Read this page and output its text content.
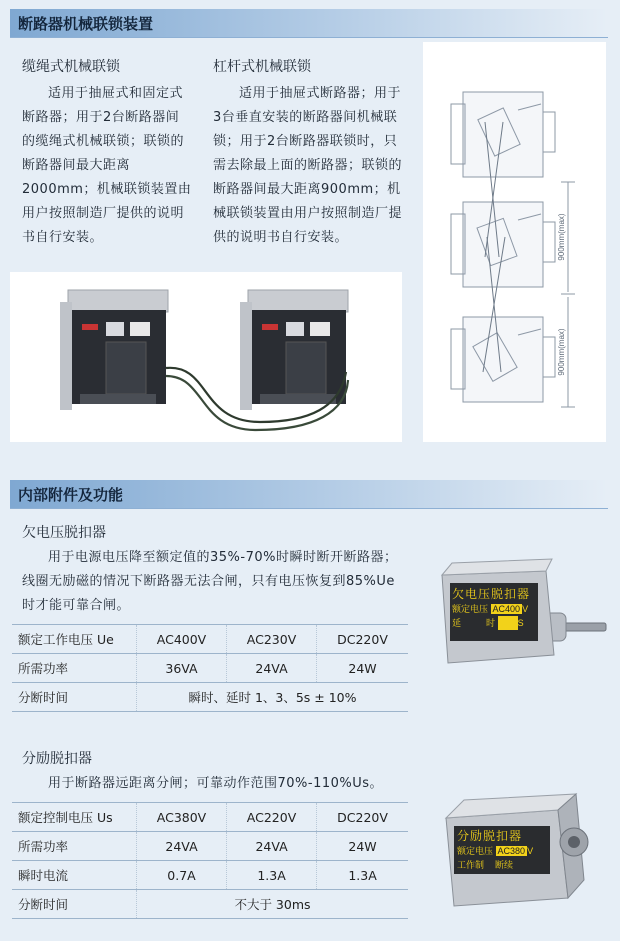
断路器机械联锁装置
缆绳式机械联锁
适用于抽屉式和固定式断路器；用于2台断路器间的缆绳式机械联锁；联锁的断路器间最大距离2000mm；机械联锁装置由用户按照制造厂提供的说明书自行安装。
杠杆式机械联锁
适用于抽屉式断路器；用于3台垂直安装的断路器间机械联锁；用于2台断路器联锁时，只需去除最上面的断路器；联锁的断路器间最大距离900mm；机械联锁装置由用户按照制造厂提供的说明书自行安装。	900mm(max)
900mm(max)
内部附件及功能
欠电压脱扣器
用于电源电压降至额定值的35%-70%时瞬时断开断路器；线圈无励磁的情况下断路器无法合闸，只有电压恢复到85%Ue时才能可靠合闸。
额定工作电压 Ue	AC400V	AC230V	DC220V
所需功率	36VA	24VA	24W
分断时间	瞬时、延时 1、3、5s ± 10%		
欠电压脱扣器
额定电压 AC400 V
延	时	S
分励脱扣器
用于断路器远距离分闸；可靠动作范围70%-110%Us。
额定控制电压 Us	AC380V	AC220V	DC220V
所需功率	24VA	24VA	24W
瞬时电流	0.7A	1.3A	1.3A
分断时间	不大于 30ms		
分励脱扣器
额定电压 AC380 V
工作制 断续
